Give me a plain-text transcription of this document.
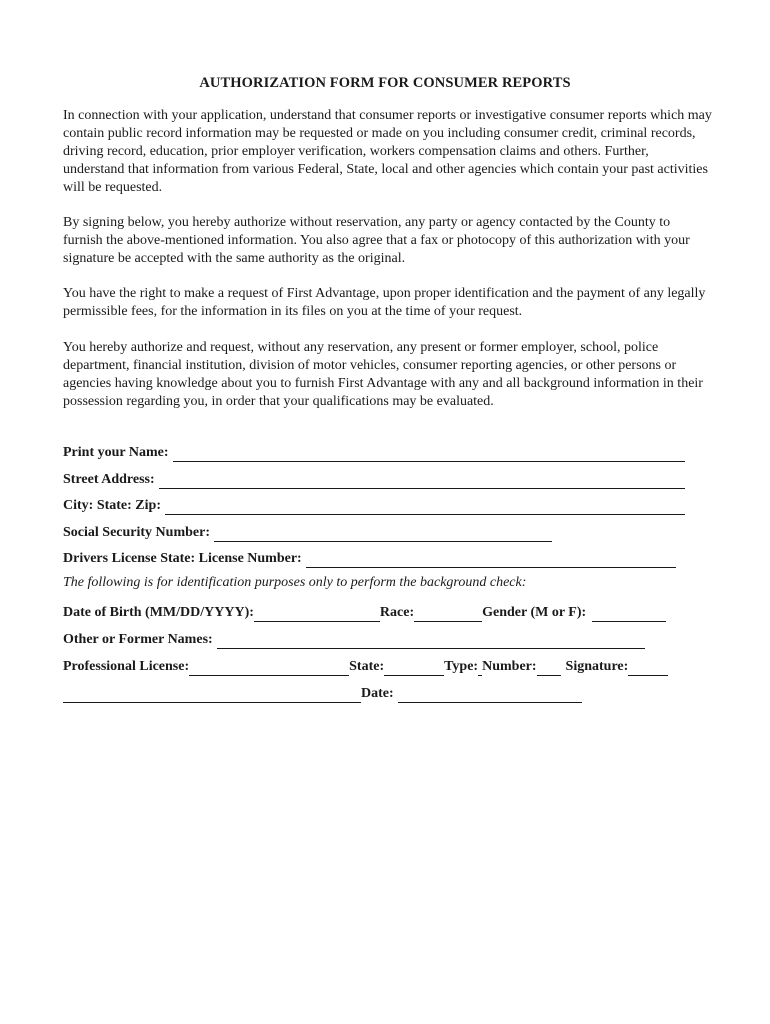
AUTHORIZATION FORM FOR CONSUMER REPORTS

In connection with your application, understand that consumer reports or investigative consumer reports which may contain public record information may be requested or made on you including consumer credit, criminal records, driving record, education, prior employer verification, workers compensation claims and others. Further, understand that information from various Federal, State, local and other agencies which contain your past activities will be requested.

By signing below, you hereby authorize without reservation, any party or agency contacted by the County to furnish the above-mentioned information. You also agree that a fax or photocopy of this authorization with your signature be accepted with the same authority as the original.

You have the right to make a request of First Advantage, upon proper identification and the payment of any legally permissible fees, for the information in its files on you at the time of your request.

You hereby authorize and request, without any reservation, any present or former employer, school, police department, financial institution, division of motor vehicles, consumer reporting agencies, or other persons or agencies having knowledge about you to furnish First Advantage with any and all background information in their possession regarding you, in order that your qualifications may be evaluated.

Print your Name:
Street Address:
City: State: Zip:
Social Security Number:
Drivers License State: License Number:
The following is for identification purposes only to perform the background check:
Date of Birth (MM/DD/YYYY):	Race:	Gender (M or F):
Other or Former Names:
Professional License:	State:	Type: Number: Signature:
Date:
